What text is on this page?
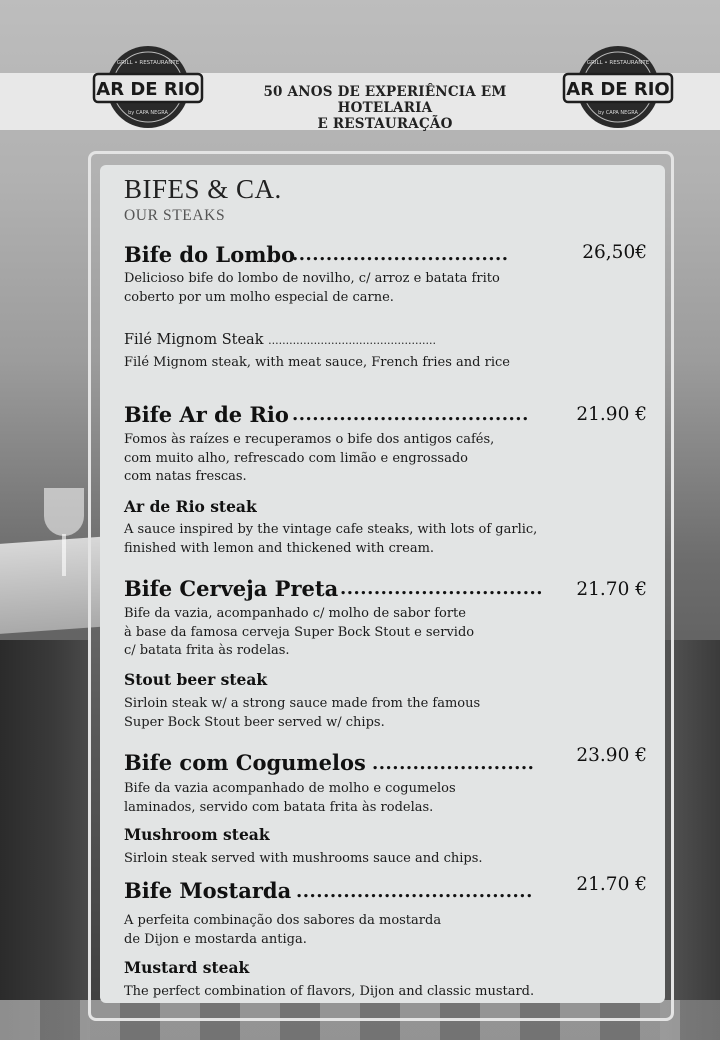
AR DE RIO
GRILL • RESTAURANTE
by CAPA NEGRA
50 ANOS DE EXPERIÊNCIA EM HOTELARIA
E RESTAURAÇÃO
AR DE RIO
GRILL • RESTAURANTE
by CAPA NEGRA
BIFES & CA.
OUR STEAKS
Bife do Lombo
................................	26,50€
Delicioso bife do lombo de novilho, c/ arroz e batata frito
coberto por um molho especial de carne.
Filé Mignom Steak ................................................
Filé Mignom steak, with meat sauce, French fries and rice
Bife Ar de Rio ...................................	21.90 €
Fomos às raízes e recuperamos o bife dos antigos cafés,
com muito alho, refrescado com limão e engrossado
com natas frescas.
Ar de Rio steak
A sauce inspired by the vintage cafe steaks, with lots of garlic,
finished with lemon and thickened with cream.
Bife Cerveja Preta .............................. 21.70 €
Bife da vazia, acompanhado c/ molho de sabor forte
à base da famosa cerveja Super Bock Stout e servido
c/ batata frita às rodelas.
Stout beer steak
Sirloin steak w/ a strong sauce made from the famous
Super Bock Stout beer served w/ chips.
Bife com Cogumelos ........................ 23.90 €
Bife da vazia acompanhado de molho e cogumelos
laminados, servido com batata frita às rodelas.
Mushroom steak
Sirloin steak served with mushrooms sauce and chips.
Bife Mostarda ................................... 21.70 €
A perfeita combinação dos sabores da mostarda
de Dijon e mostarda antiga.
Mustard steak
The perfect combination of flavors, Dijon and classic mustard.
